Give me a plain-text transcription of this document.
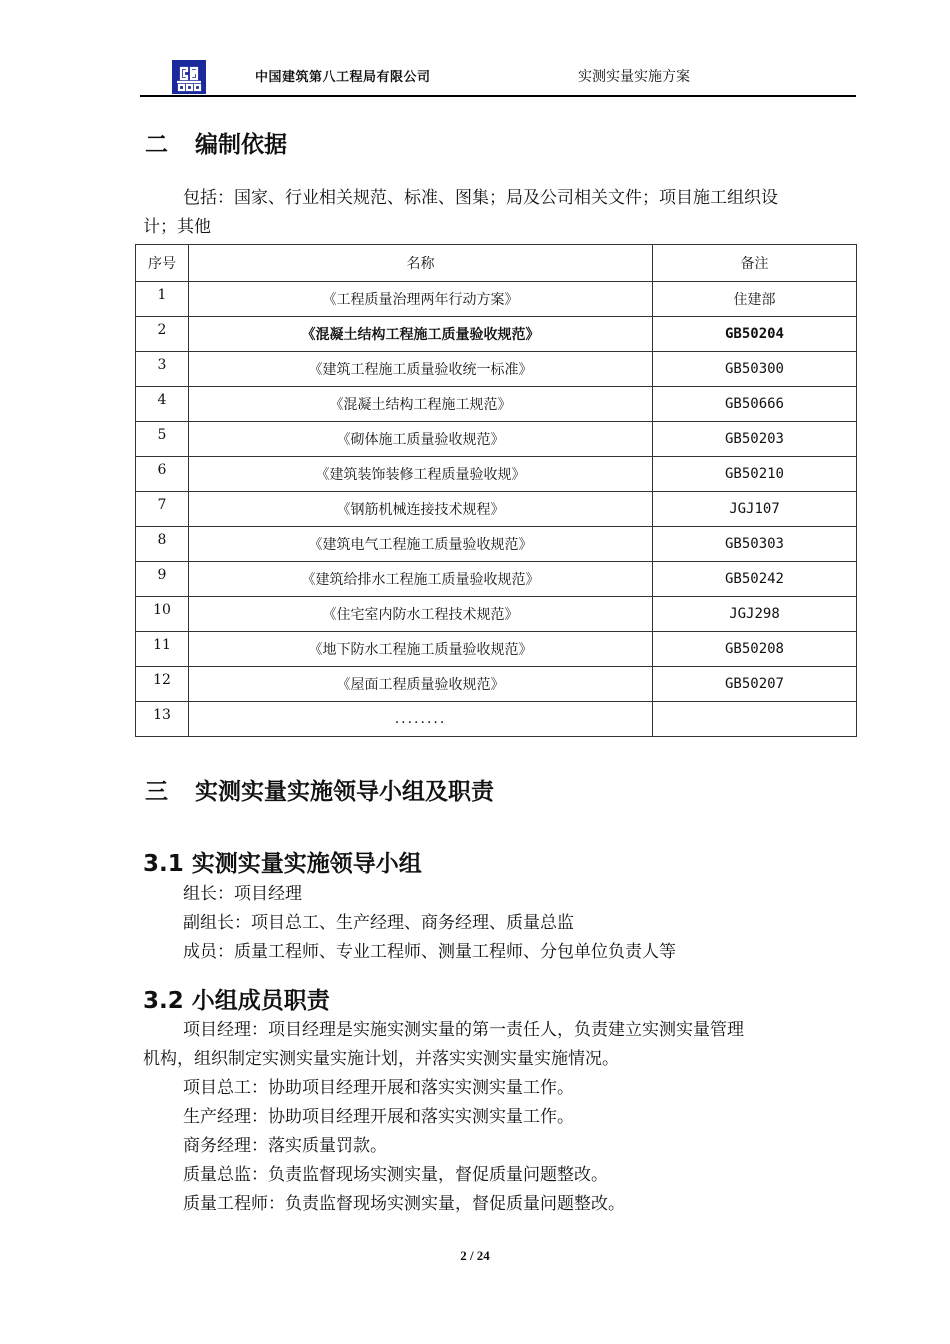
中国建筑第八工程局有限公司	实测实量实施方案
二 编制依据
包括：国家、行业相关规范、标准、图集；局及公司相关文件；项目施工组织设
计；其他
序号	名称	备注
1	《工程质量治理两年行动方案》	住建部
2	《混凝土结构工程施工质量验收规范》	GB50204
3	《建筑工程施工质量验收统一标准》	GB50300
4	《混凝土结构工程施工规范》	GB50666
5	《砌体施工质量验收规范》	GB50203
6	《建筑装饰装修工程质量验收规》	GB50210
7	《钢筋机械连接技术规程》	JGJ107
8	《建筑电气工程施工质量验收规范》	GB50303
9	《建筑给排水工程施工质量验收规范》	GB50242
10	《住宅室内防水工程技术规范》	JGJ298
11	《地下防水工程施工质量验收规范》	GB50208
12	《屋面工程质量验收规范》	GB50207
13	........	
三 实测实量实施领导小组及职责
3.1 实测实量实施领导小组
组长：项目经理
副组长：项目总工、生产经理、商务经理、质量总监
成员：质量工程师、专业工程师、测量工程师、分包单位负责人等
3.2 小组成员职责
项目经理：项目经理是实施实测实量的第一责任人，负责建立实测实量管理
机构，组织制定实测实量实施计划，并落实实测实量实施情况。
项目总工：协助项目经理开展和落实实测实量工作。
生产经理：协助项目经理开展和落实实测实量工作。
商务经理：落实质量罚款。
质量总监：负责监督现场实测实量，督促质量问题整改。
质量工程师：负责监督现场实测实量，督促质量问题整改。
2 / 24
